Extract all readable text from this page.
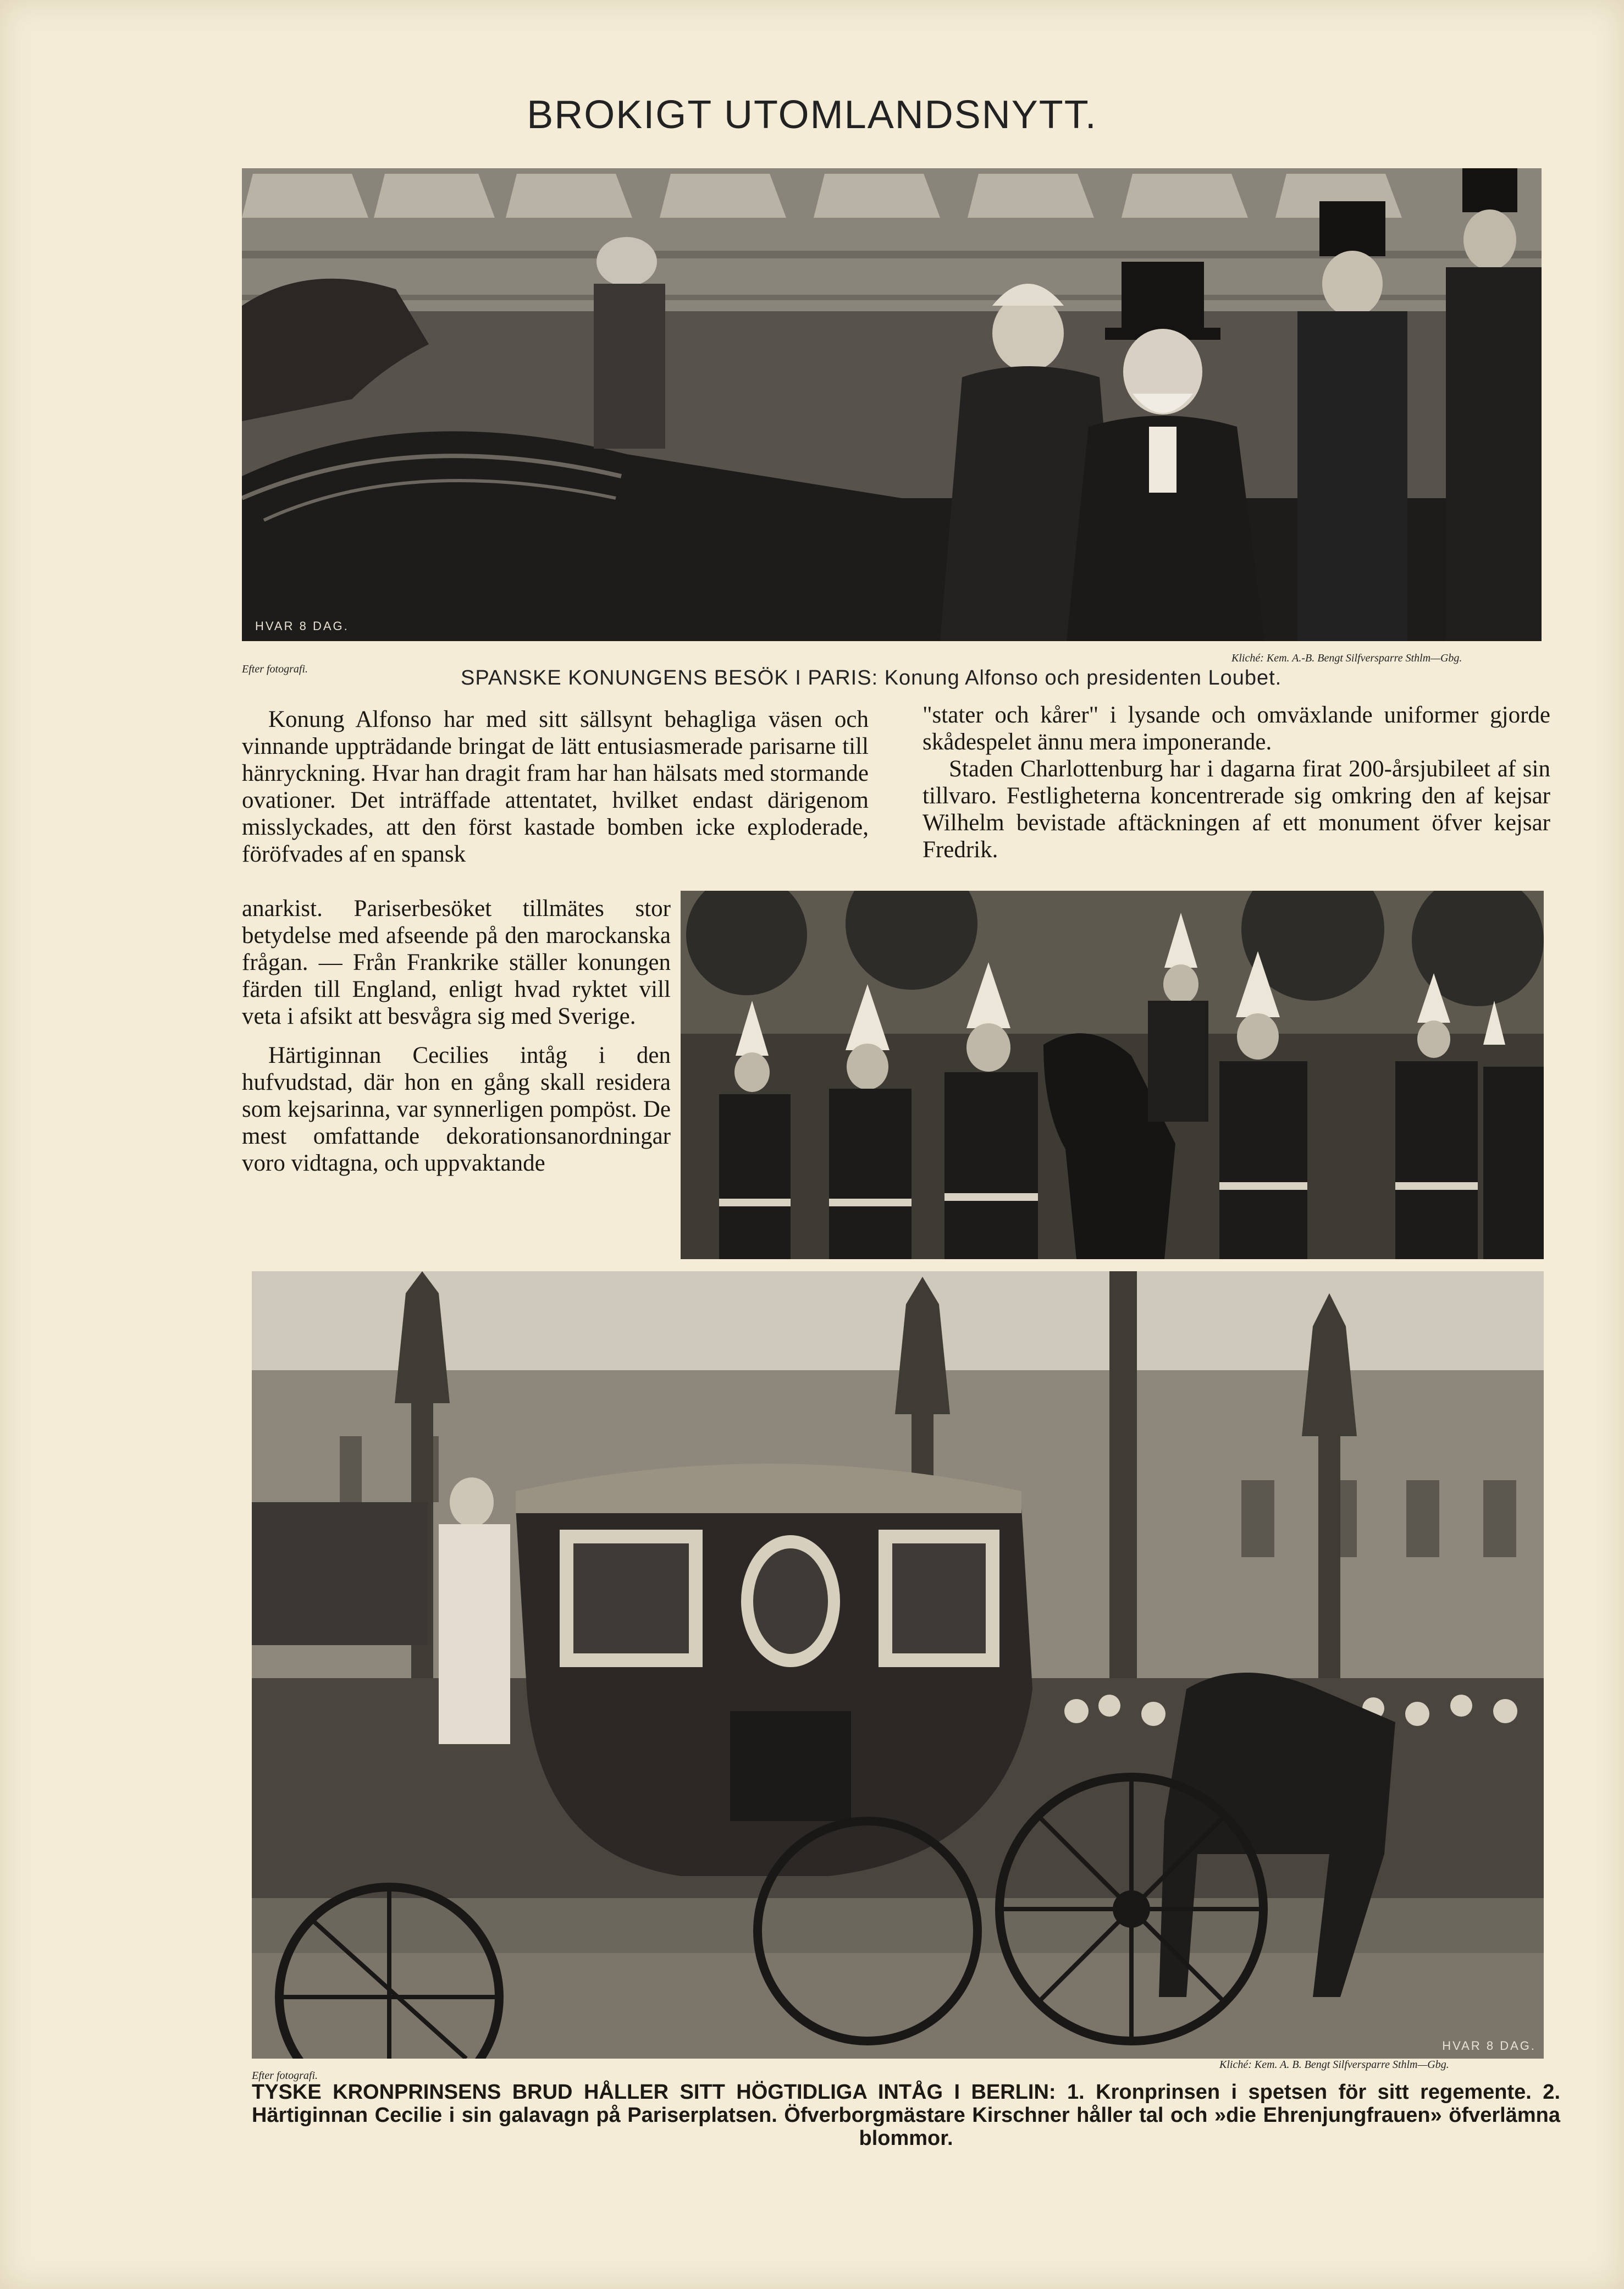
BROKIGT UTOMLANDSNYTT.
HVAR 8 DAG.
Efter fotografi.
Kliché: Kem. A.-B. Bengt Silfversparre Sthlm—Gbg.
SPANSKE KONUNGENS BESÖK I PARIS: Konung Alfonso och presidenten Loubet.

Konung Alfonso har med sitt sällsynt behagliga väsen och vinnande uppträdande bringat de lätt entusiasmerade parisarne till hänryckning. Hvar han dragit fram har han hälsats med stormande ovationer. Det inträffade attentatet, hvilket endast därigenom misslyckades, att den först kastade bomben icke exploderade, föröfvades af en spansk

anarkist. Pariserbesöket tillmätes stor betydelse med afseende på den marockanska frågan. — Från Frankrike ställer konungen färden till England, enligt hvad ryktet vill veta i afsikt att besvågra sig med Sverige.

Härtiginnan Cecilies intåg i den hufvudstad, där hon en gång skall residera som kejsarinna, var synnerligen pompöst. De mest omfattande dekorationsanordningar voro vidtagna, och uppvaktande

"stater och kårer" i lysande och omväxlande uniformer gjorde skådespelet ännu mera imponerande.

Staden Charlottenburg har i dagarna firat 200-årsjubileet af sin tillvaro. Festligheterna koncentrerade sig omkring den af kejsar Wilhelm bevistade aftäckningen af ett monument öfver kejsar Fredrik.

HVAR 8 DAG.
Efter fotografi.
Kliché: Kem. A. B. Bengt Silfversparre Sthlm—Gbg.
TYSKE KRONPRINSENS BRUD HÅLLER SITT HÖGTIDLIGA INTÅG I BERLIN: 1. Kronprinsen i spetsen för sitt regemente. 2. Härtiginnan Cecilie i sin galavagn på Pariserplatsen. Öfverborgmästare Kirschner håller tal och »die Ehrenjungfrauen» öfverlämna blommor.
